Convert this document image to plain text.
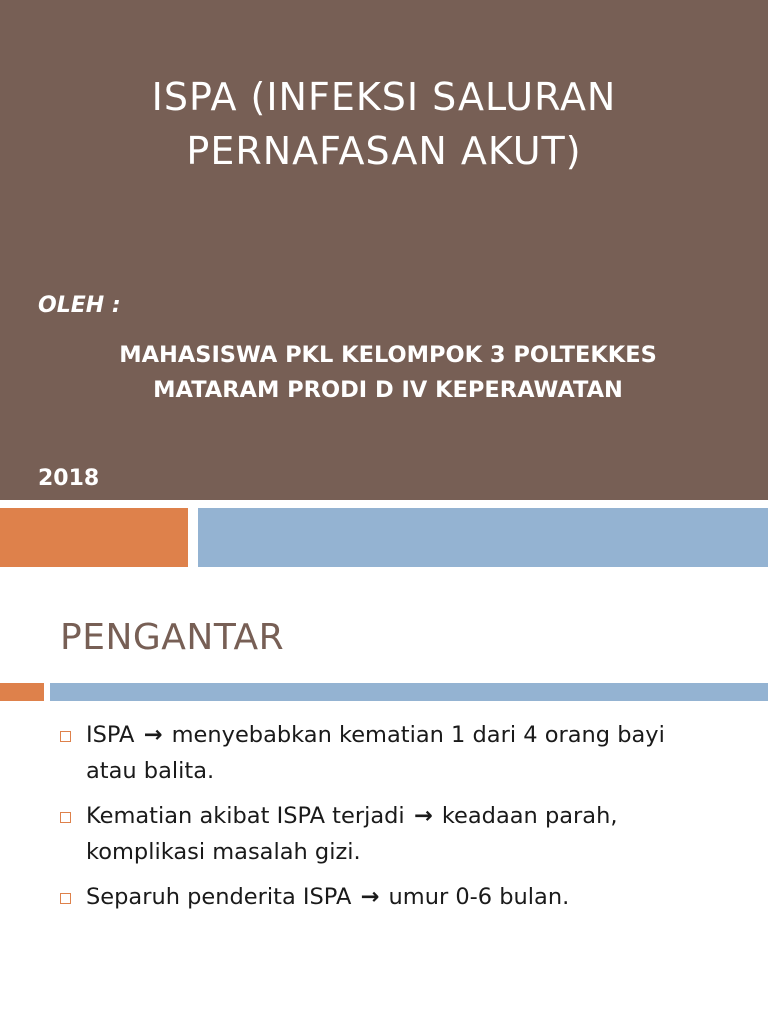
ISPA (INFEKSI SALURAN
PERNAFASAN AKUT)
OLEH :
MAHASISWA PKL KELOMPOK 3 POLTEKKES
MATARAM PRODI D IV KEPERAWATAN
2018
PENGANTAR
ISPA → menyebabkan kematian 1 dari 4 orang bayi atau balita.
Kematian akibat ISPA terjadi → keadaan parah, komplikasi masalah gizi.
Separuh penderita ISPA → umur 0-6 bulan.
